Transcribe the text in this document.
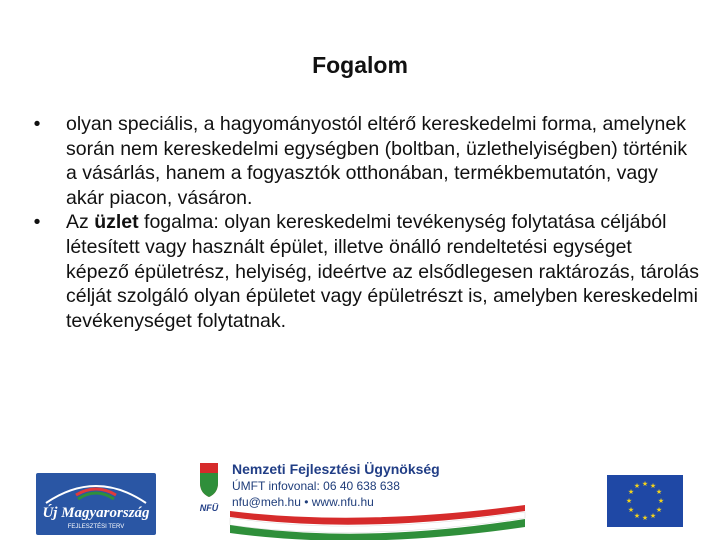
Fogalom
• olyan speciális, a hagyományostól eltérő kereskedelmi forma, amelynek során nem kereskedelmi egységben (boltban, üzlethelyiségben) történik a vásárlás, hanem a fogyasztók otthonában, termékbemutatón, vagy akár piacon, vásáron.
• Az üzlet fogalma: olyan kereskedelmi tevékenység folytatása céljából létesített vagy használt épület, illetve önálló rendeltetési egységet képező épületrész, helyiség, ideértve az elsődlegesen raktározás, tárolás célját szolgáló olyan épületet vagy épületrészt is, amelyben kereskedelmi tevékenységet folytatnak.
Új Magyarország
FEJLESZTÉSI TERV
NFÜ
Nemzeti Fejlesztési Ügynökség
ÚMFT infovonal: 06 40 638 638
nfu@meh.hu • www.nfu.hu
★ ★
★
★
★
★
★
★
★
★
★
★
